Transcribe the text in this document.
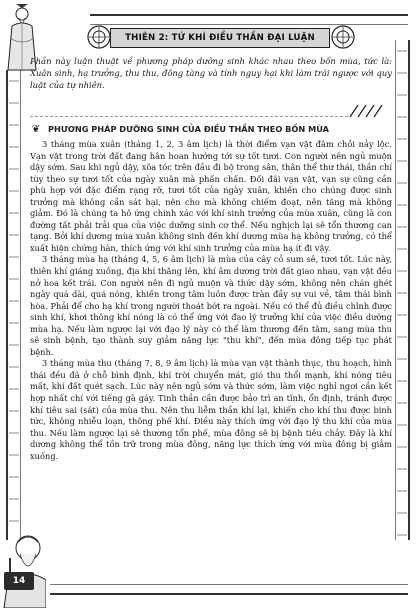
THIÊN 2: TỨ KHÍ ĐIỀU THẦN ĐẠI LUẬN

Phần này luận thuật về phương pháp dưỡng sinh khác nhau theo bốn mùa, tức là: Xuân sinh, hạ trưởng, thu thu, đông tàng và tính nguy hại khi làm trái ngược với quy luật của tự nhiên.

❦ PHƯƠNG PHÁP DƯỠNG SINH CỦA ĐIỀU THẦN THEO BỐN MÙA

3 tháng mùa xuân (tháng 1, 2, 3 âm lịch) là thời điểm vạn vật đâm chồi nảy lộc. Vạn vật trong trời đất đang hân hoan hướng tới sự tốt tươi. Con người nên ngủ muộn dậy sớm. Sau khi ngủ dậy, xõa tóc trên đầu đi bộ trong sân, thân thể thư thái, thần chí tùy theo sự tươi tốt của ngày xuân mà phấn chấn. Đối đãi vạn vật, vạn sự cũng cần phù hợp với đặc điểm rạng rỡ, tươi tốt của ngày xuân, khiến cho chúng được sinh trưởng mà không cần sát hại, nên cho mà không chiếm đoạt, nên tăng mà không giảm. Đó là chúng ta hô ứng chính xác với khí sinh trưởng của mùa xuân, cũng là con đường tất phải trải qua của việc dưỡng sinh cơ thể. Nếu nghịch lại sẽ tổn thương can tạng. Bởi khí dương mùa xuân không sinh đến khí dương mùa hạ không trưởng, có thể xuất hiện chứng hàn, thích ứng với khí sinh trưởng của mùa hạ ít đi vậy.

3 tháng mùa hạ (tháng 4, 5, 6 âm lịch) là mùa của cây cỏ sum sê, tươi tốt. Lúc này, thiên khí giáng xuống, địa khí thăng lên, khí âm dương trời đất giao nhau, vạn vật đều nở hoa kết trái. Con người nên đi ngủ muộn và thức dậy sớm, không nên chán ghét ngày quá dài, quá nóng, khiến trong tâm luôn được tràn đầy sự vui vẻ, tâm thái bình hòa. Phải để cho hạ khí trong người thoát bớt ra ngoài. Nếu có thể đủ điều chỉnh được sinh khí, khơi thông khí nóng là có thể ứng với đạo lý trưởng khí của việc điều dưỡng mùa hạ. Nếu làm ngược lại với đạo lý này có thể làm thương đến tâm, sang mùa thu sẽ sinh bệnh, tạo thành suy giảm năng lực "thu khí", đến mùa đông tiếp tục phát bệnh.

3 tháng mùa thu (tháng 7, 8, 9 âm lịch) là mùa vạn vật thành thục, thu hoạch, hình thái đều đã ở chỗ bình định, khí trời chuyển mát, gió thu thổi mạnh, khí nóng tiêu mất, khí đất quét sạch. Lúc này nên ngủ sớm và thức sớm, làm việc nghỉ ngơi cần kết hợp nhất chí với tiếng gà gáy. Tinh thần cần được bảo trì an tĩnh, ổn định, tránh được khí tiêu sai (sát) của mùa thu. Nên thu liễm thần khí lại, khiến cho khí thu được bình tức, không nhiễu loạn, thông phế khí. Điều này thích ứng với đạo lý thu khí của mùa thu. Nếu làm ngược lại sẽ thương tổn phế, mùa đông sẽ bị bệnh tiêu chảy. Đây là khí dương không thể tồn trữ trong mùa đông, năng lực thích ứng với mùa đông bị giảm xuống.

14
